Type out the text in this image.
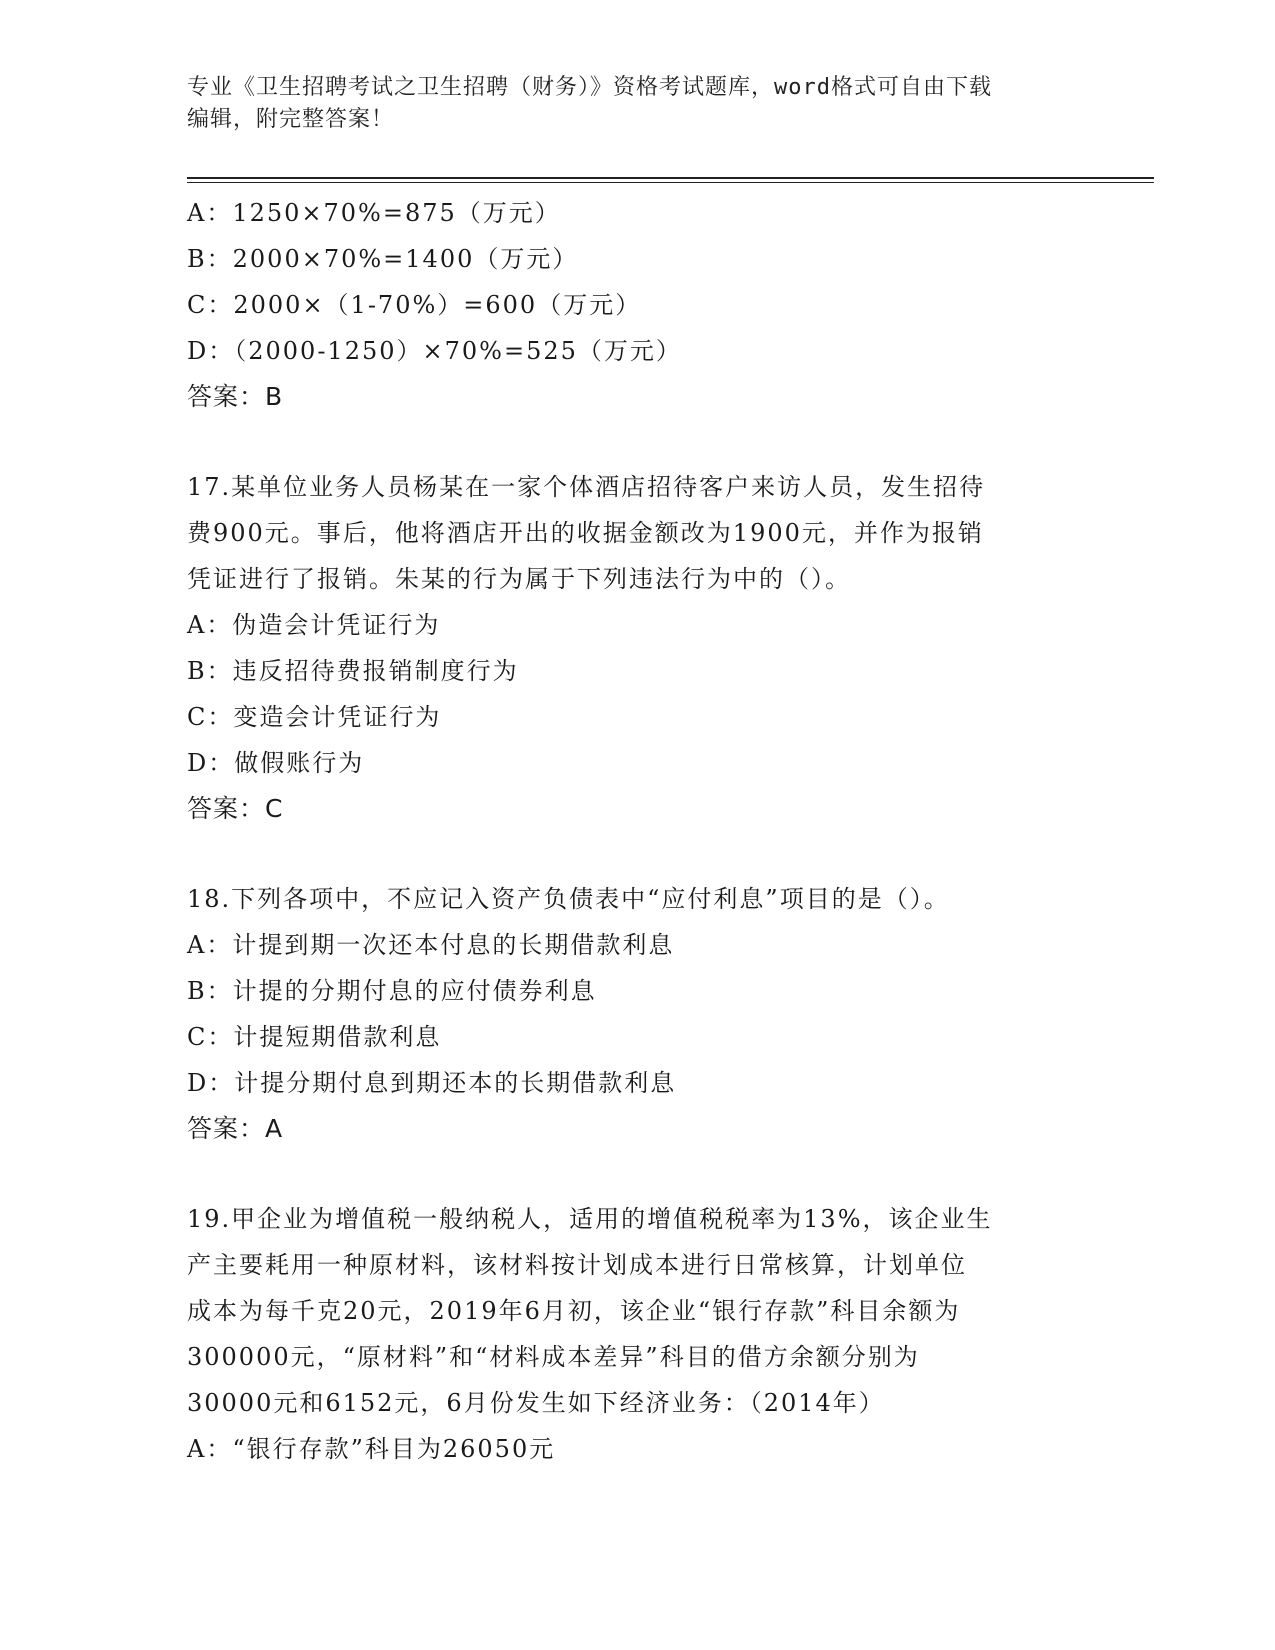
专业《卫生招聘考试之卫生招聘（财务）》资格考试题库，word格式可自由下载
编辑，附完整答案！
A：1250×70%=875（万元）
B：2000×70%=1400（万元）
C：2000×（1-70%）=600（万元）
D：（2000-1250）×70%=525（万元）
答案：B
17.某单位业务人员杨某在一家个体酒店招待客户来访人员，发生招待
费900元。事后，他将酒店开出的收据金额改为1900元，并作为报销
凭证进行了报销。朱某的行为属于下列违法行为中的（）。
A：伪造会计凭证行为
B：违反招待费报销制度行为
C：变造会计凭证行为
D：做假账行为
答案：C
18.下列各项中，不应记入资产负债表中“应付利息”项目的是（）。
A：计提到期一次还本付息的长期借款利息
B：计提的分期付息的应付债券利息
C：计提短期借款利息
D：计提分期付息到期还本的长期借款利息
答案：A
19.甲企业为增值税一般纳税人，适用的增值税税率为13%，该企业生
产主要耗用一种原材料，该材料按计划成本进行日常核算，计划单位
成本为每千克20元，2019年6月初，该企业“银行存款”科目余额为
300000元，“原材料”和“材料成本差异”科目的借方余额分别为
30000元和6152元，6月份发生如下经济业务：（2014年）
A：“银行存款”科目为26050元
